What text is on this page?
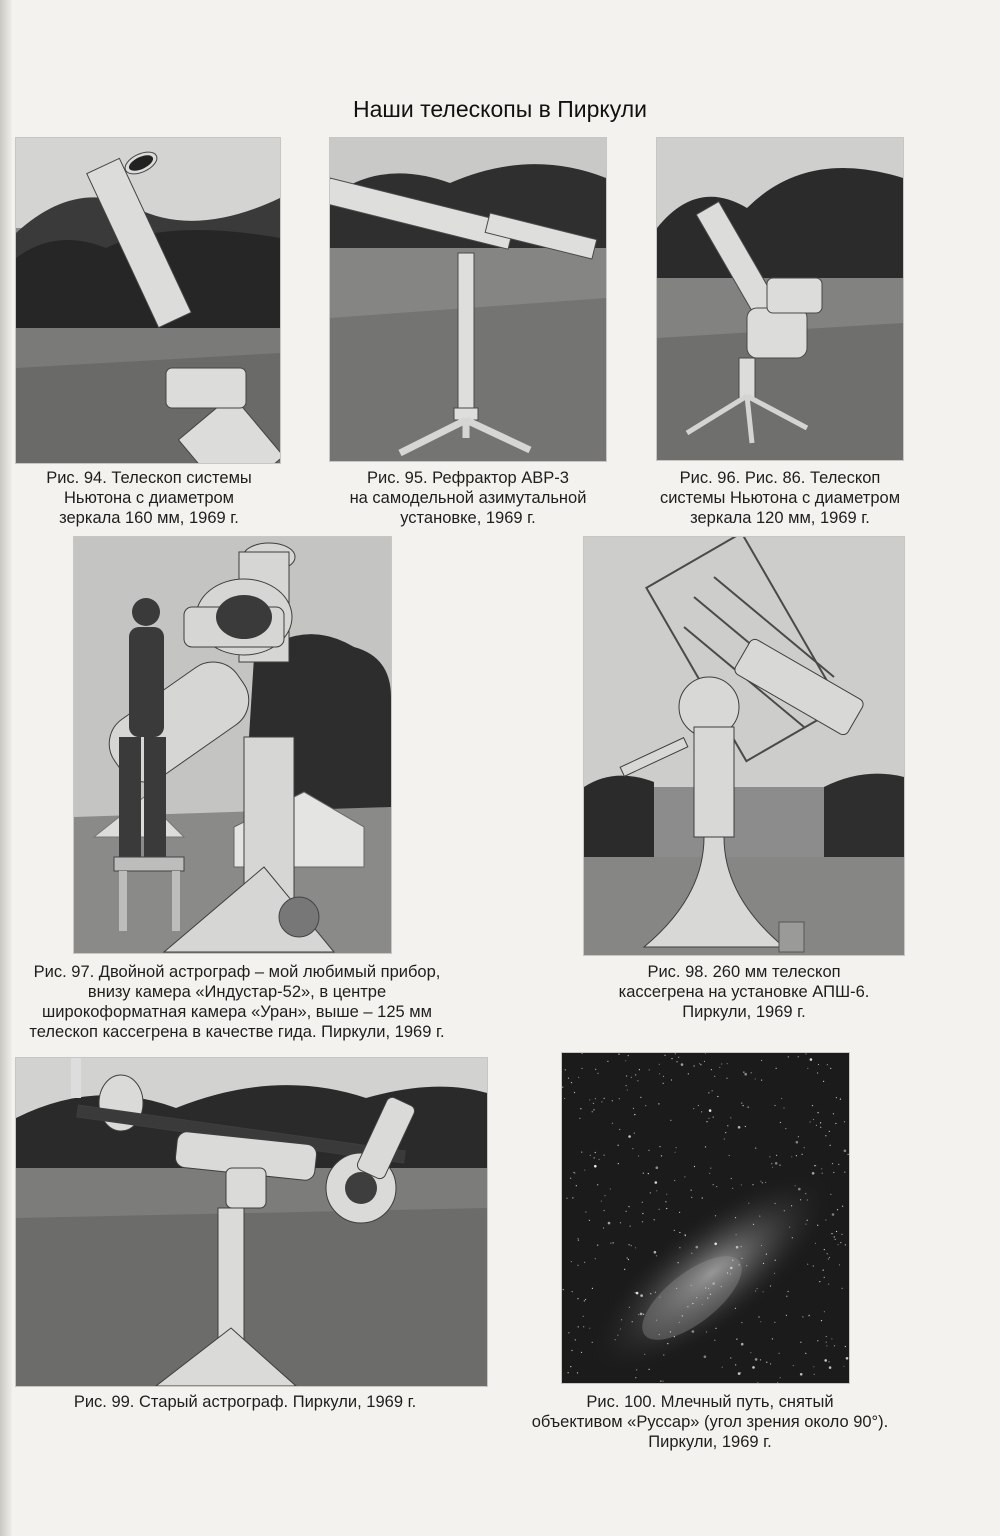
Наши телескопы в Пиркули
Рис. 94. Телескоп системы
Ньютона с диаметром
зеркала 160 мм, 1969 г.
Рис. 95. Рефрактор АВР-3
на самодельной азимутальной
установке, 1969 г.
Рис. 96. Рис. 86. Телескоп
системы Ньютона с диаметром
зеркала 120 мм, 1969 г.
Рис. 97. Двойной астрограф – мой любимый прибор,
внизу камера «Индустар-52», в центре
широкоформатная камера «Уран», выше – 125 мм
телескоп кассегрена в качестве гида. Пиркули, 1969 г.
Рис. 98. 260 мм телескоп
кассегрена на установке АПШ-6.
Пиркули, 1969 г.
Рис. 99. Старый астрограф. Пиркули, 1969 г.	Рис. 100. Млечный путь, снятый
объективом «Руссар» (угол зрения около 90°).
Пиркули, 1969 г.
